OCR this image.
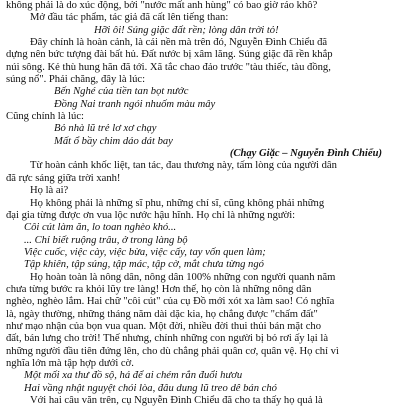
không phải là do xúc động, bởi "nước mất anh hùng" có bao giờ ráo khô?

Mở đầu tác phẩm, tác giả đã cất lên tiếng than:

Hỡi ôi! Súng giặc đất rền; lòng dân trời tỏ!

Đây chính là hoàn cảnh, là cái nền mà trên đó, Nguyễn Đình Chiểu đã

dựng nên bức tượng đài bất hủ. Đất nước bị xâm lăng. Súng giặc đã rền khắp

núi sông. Kẻ thù hung hãn đã tới. Xã tắc chao đảo trước "tàu thiếc, tàu đồng,

súng nổ". Phải chăng, đây là lúc:

Bến Nghé của tiền tan bọt nước

Đồng Nai tranh ngói nhuốm màu mây

Cũng chính là lúc:

Bỏ nhà lũ trẻ lơ xơ chạy

Mất ổ bầy chim dáo dát bay

(Chạy Giặc – Nguyễn Đình Chiểu)

Từ hoàn cảnh khốc liệt, tan tác, đau thương này, tấm lòng của người dân

đã rực sáng giữa trời xanh!

Họ là ai?

Họ không phải là những sĩ phu, những chí sĩ, cũng không phải những

đại gia từng được ơn vua lộc nước hậu hĩnh. Họ chỉ là những người:

Côi cút làm ăn, lo toan nghèo khó...

... Chỉ biết ruộng trâu, ở trong làng bộ

Việc cuốc, việc cày, việc bừa, việc cấy, tay vốn quen làm;

Tập khiên, tập súng, tập mác, tập cờ, mắt chưa từng ngó

Họ hoàn toàn là nông dân, nông dân 100% những con người quanh năm

chưa từng bước ra khỏi lũy tre làng! Hơn thế, họ còn là những nông dân

nghèo, nghèo lắm. Hai chữ "côi cút" của cụ Đồ mới xót xa làm sao! Có nghĩa

là, ngày thường, những tháng năm dài dặc kia, họ chẳng được "chấm đất"

như mạo nhận của bọn vua quan. Một đời, nhiều đời thui thủi bán mặt cho

đất, bán lưng cho trời! Thế nhưng, chính những con người bị bỏ rơi ấy lại là

những người đầu tiên đứng lên, cho dù chẳng phải quân cơ, quân vệ. Họ chỉ vì

nghĩa lớn mà tập hợp dưới cờ.

Một mối xa thư đồ sộ, há để ai chém rắn đuổi hươu

Hai vầng nhật nguyệt chói lòa, đâu dung lũ treo dê bán chó

Với hai câu văn trên, cụ Nguyễn Đình Chiểu đã cho ta thấy họ quả là
